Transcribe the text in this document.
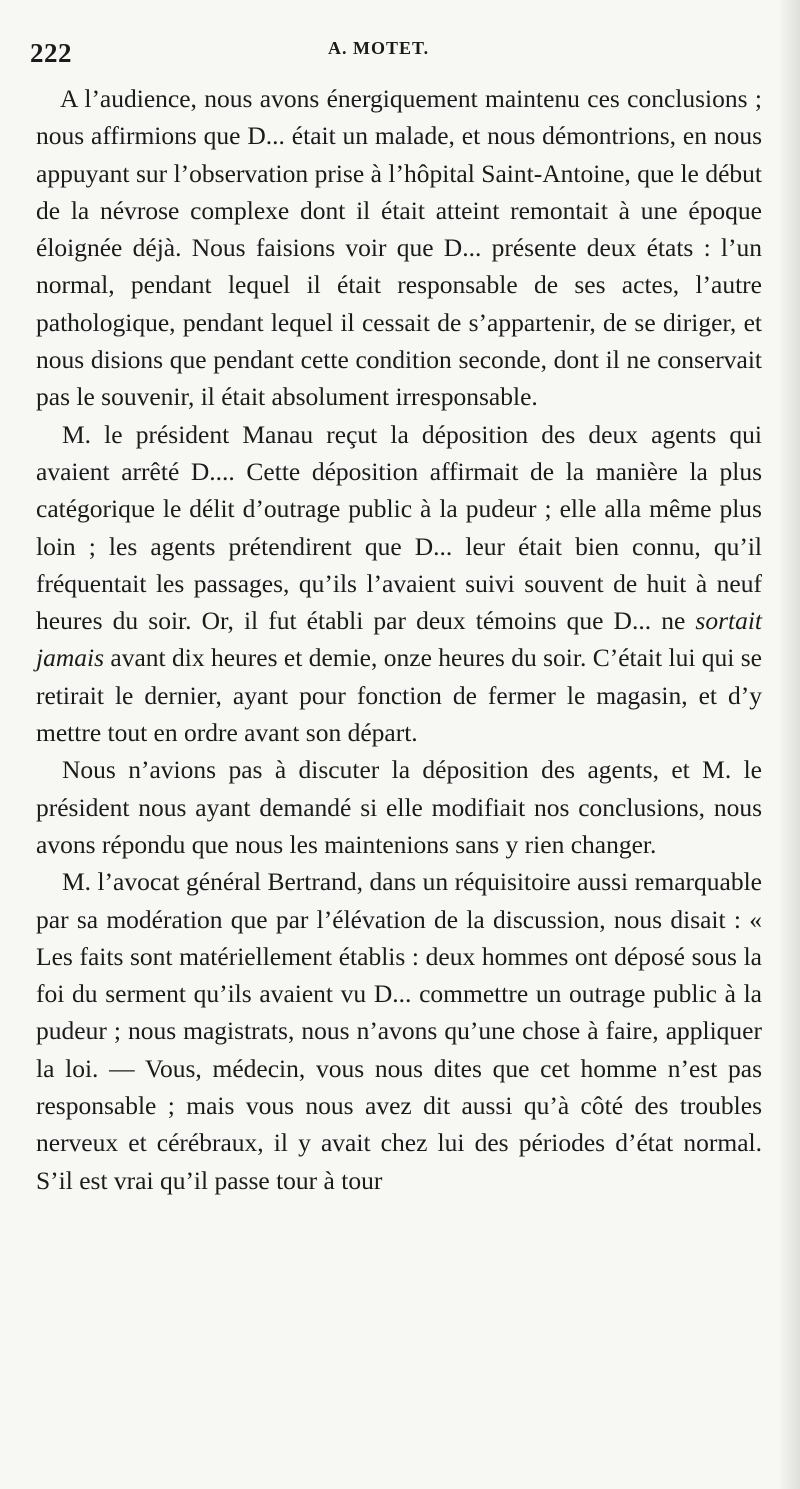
222	A. MOTET.

A l’audience, nous avons énergiquement maintenu ces conclusions ; nous affirmions que D... était un malade, et nous démontrions, en nous appuyant sur l’observation prise à l’hôpital Saint-Antoine, que le début de la névrose complexe dont il était atteint remontait à une époque éloignée déjà. Nous faisions voir que D... présente deux états : l’un normal, pendant lequel il était responsable de ses actes, l’autre pathologique, pendant lequel il cessait de s’appartenir, de se diriger, et nous disions que pendant cette condition seconde, dont il ne conservait pas le souvenir, il était absolument irresponsable.

M. le président Manau reçut la déposition des deux agents qui avaient arrêté D.... Cette déposition affirmait de la manière la plus catégorique le délit d’outrage public à la pudeur ; elle alla même plus loin ; les agents prétendirent que D... leur était bien connu, qu’il fréquentait les passages, qu’ils l’avaient suivi souvent de huit à neuf heures du soir. Or, il fut établi par deux témoins que D... ne sortait jamais avant dix heures et demie, onze heures du soir. C’était lui qui se retirait le dernier, ayant pour fonction de fermer le magasin, et d’y mettre tout en ordre avant son départ.

Nous n’avions pas à discuter la déposition des agents, et M. le président nous ayant demandé si elle modifiait nos conclusions, nous avons répondu que nous les maintenions sans y rien changer.

M. l’avocat général Bertrand, dans un réquisitoire aussi remarquable par sa modération que par l’élévation de la discussion, nous disait : « Les faits sont matériellement établis : deux hommes ont déposé sous la foi du serment qu’ils avaient vu D... commettre un outrage public à la pudeur ; nous magistrats, nous n’avons qu’une chose à faire, appliquer la loi. — Vous, médecin, vous nous dites que cet homme n’est pas responsable ; mais vous nous avez dit aussi qu’à côté des troubles nerveux et cérébraux, il y avait chez lui des périodes d’état normal. S’il est vrai qu’il passe tour à tour
